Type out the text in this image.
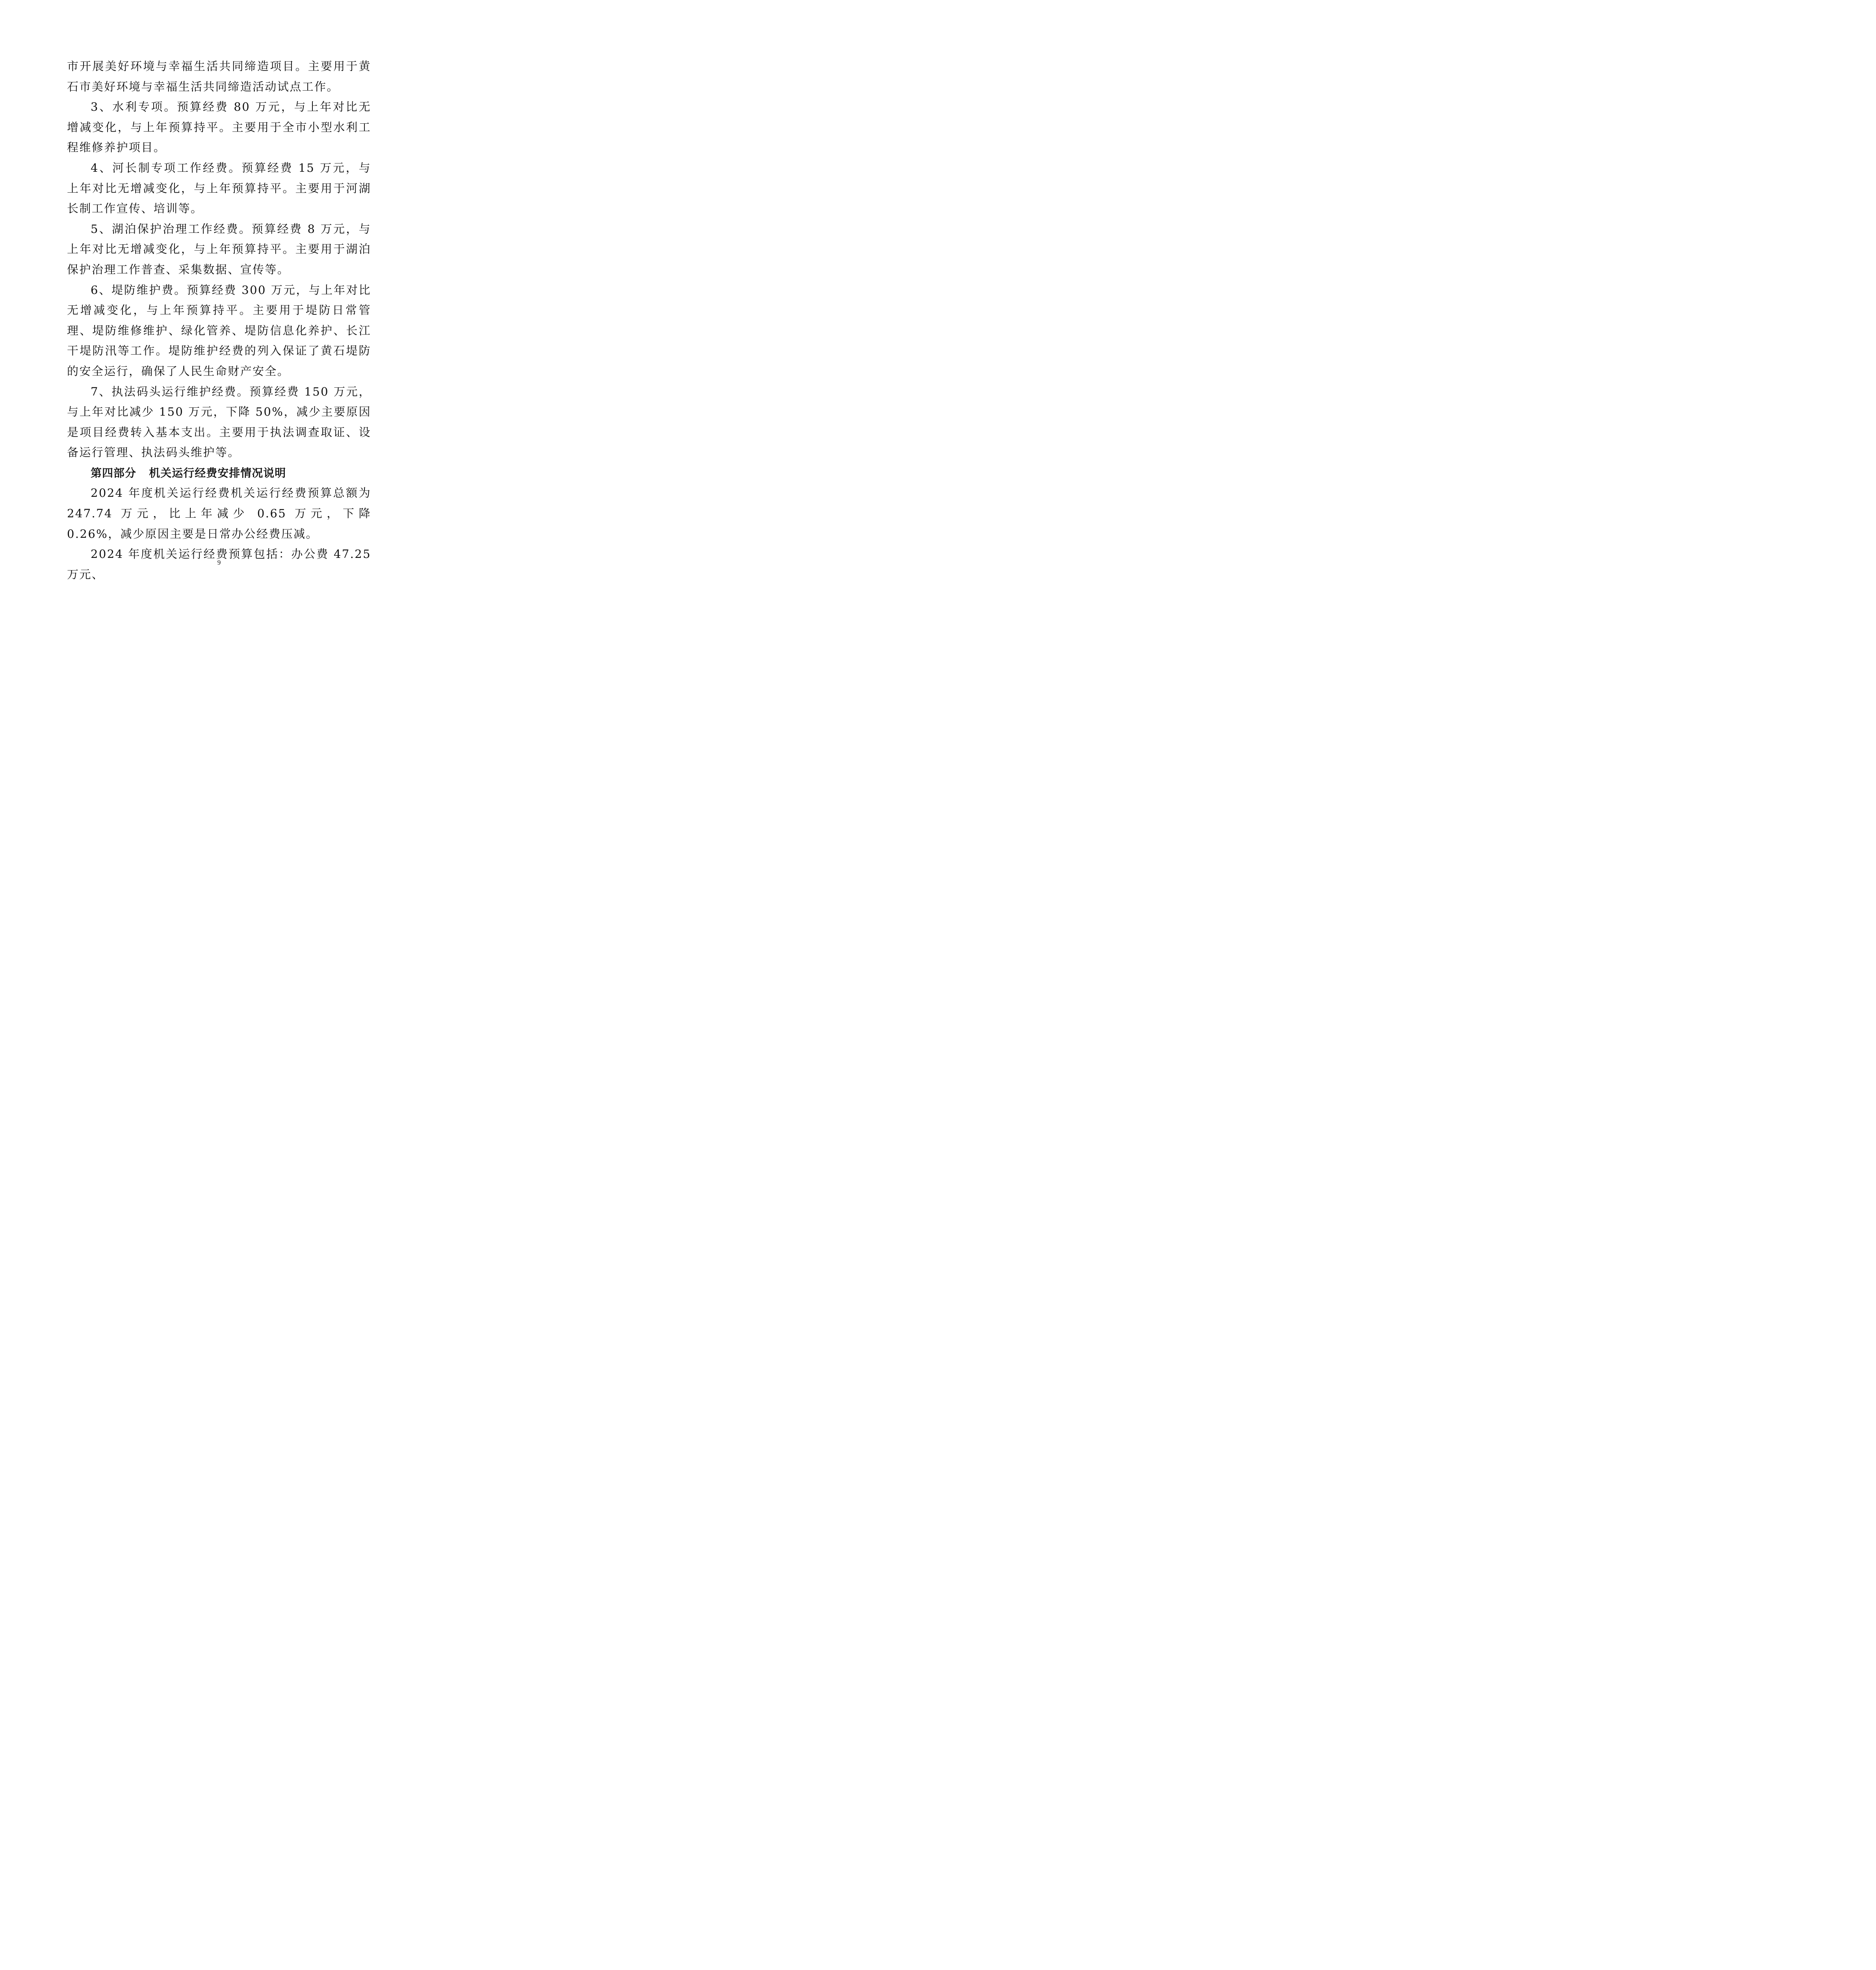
市开展美好环境与幸福生活共同缔造项目。主要用于黄石市美好环境与幸福生活共同缔造活动试点工作。

3、水利专项。预算经费 80 万元，与上年对比无增减变化，与上年预算持平。主要用于全市小型水利工程维修养护项目。

4、河长制专项工作经费。预算经费 15 万元，与上年对比无增减变化，与上年预算持平。主要用于河湖长制工作宣传、培训等。

5、湖泊保护治理工作经费。预算经费 8 万元，与上年对比无增减变化，与上年预算持平。主要用于湖泊保护治理工作普查、采集数据、宣传等。

6、堤防维护费。预算经费 300 万元，与上年对比无增减变化，与上年预算持平。主要用于堤防日常管理、堤防维修维护、绿化管养、堤防信息化养护、长江干堤防汛等工作。堤防维护经费的列入保证了黄石堤防的安全运行，确保了人民生命财产安全。

7、执法码头运行维护经费。预算经费 150 万元，与上年对比减少 150 万元，下降 50%，减少主要原因是项目经费转入基本支出。主要用于执法调查取证、设备运行管理、执法码头维护等。

第四部分   机关运行经费安排情况说明

2024 年度机关运行经费机关运行经费预算总额为 247.74 万元，比上年减少 0.65 万元，下降 0.26%，减少原因主要是日常办公经费压减。

2024 年度机关运行经费预算包括：办公费 47.25 万元、

9
